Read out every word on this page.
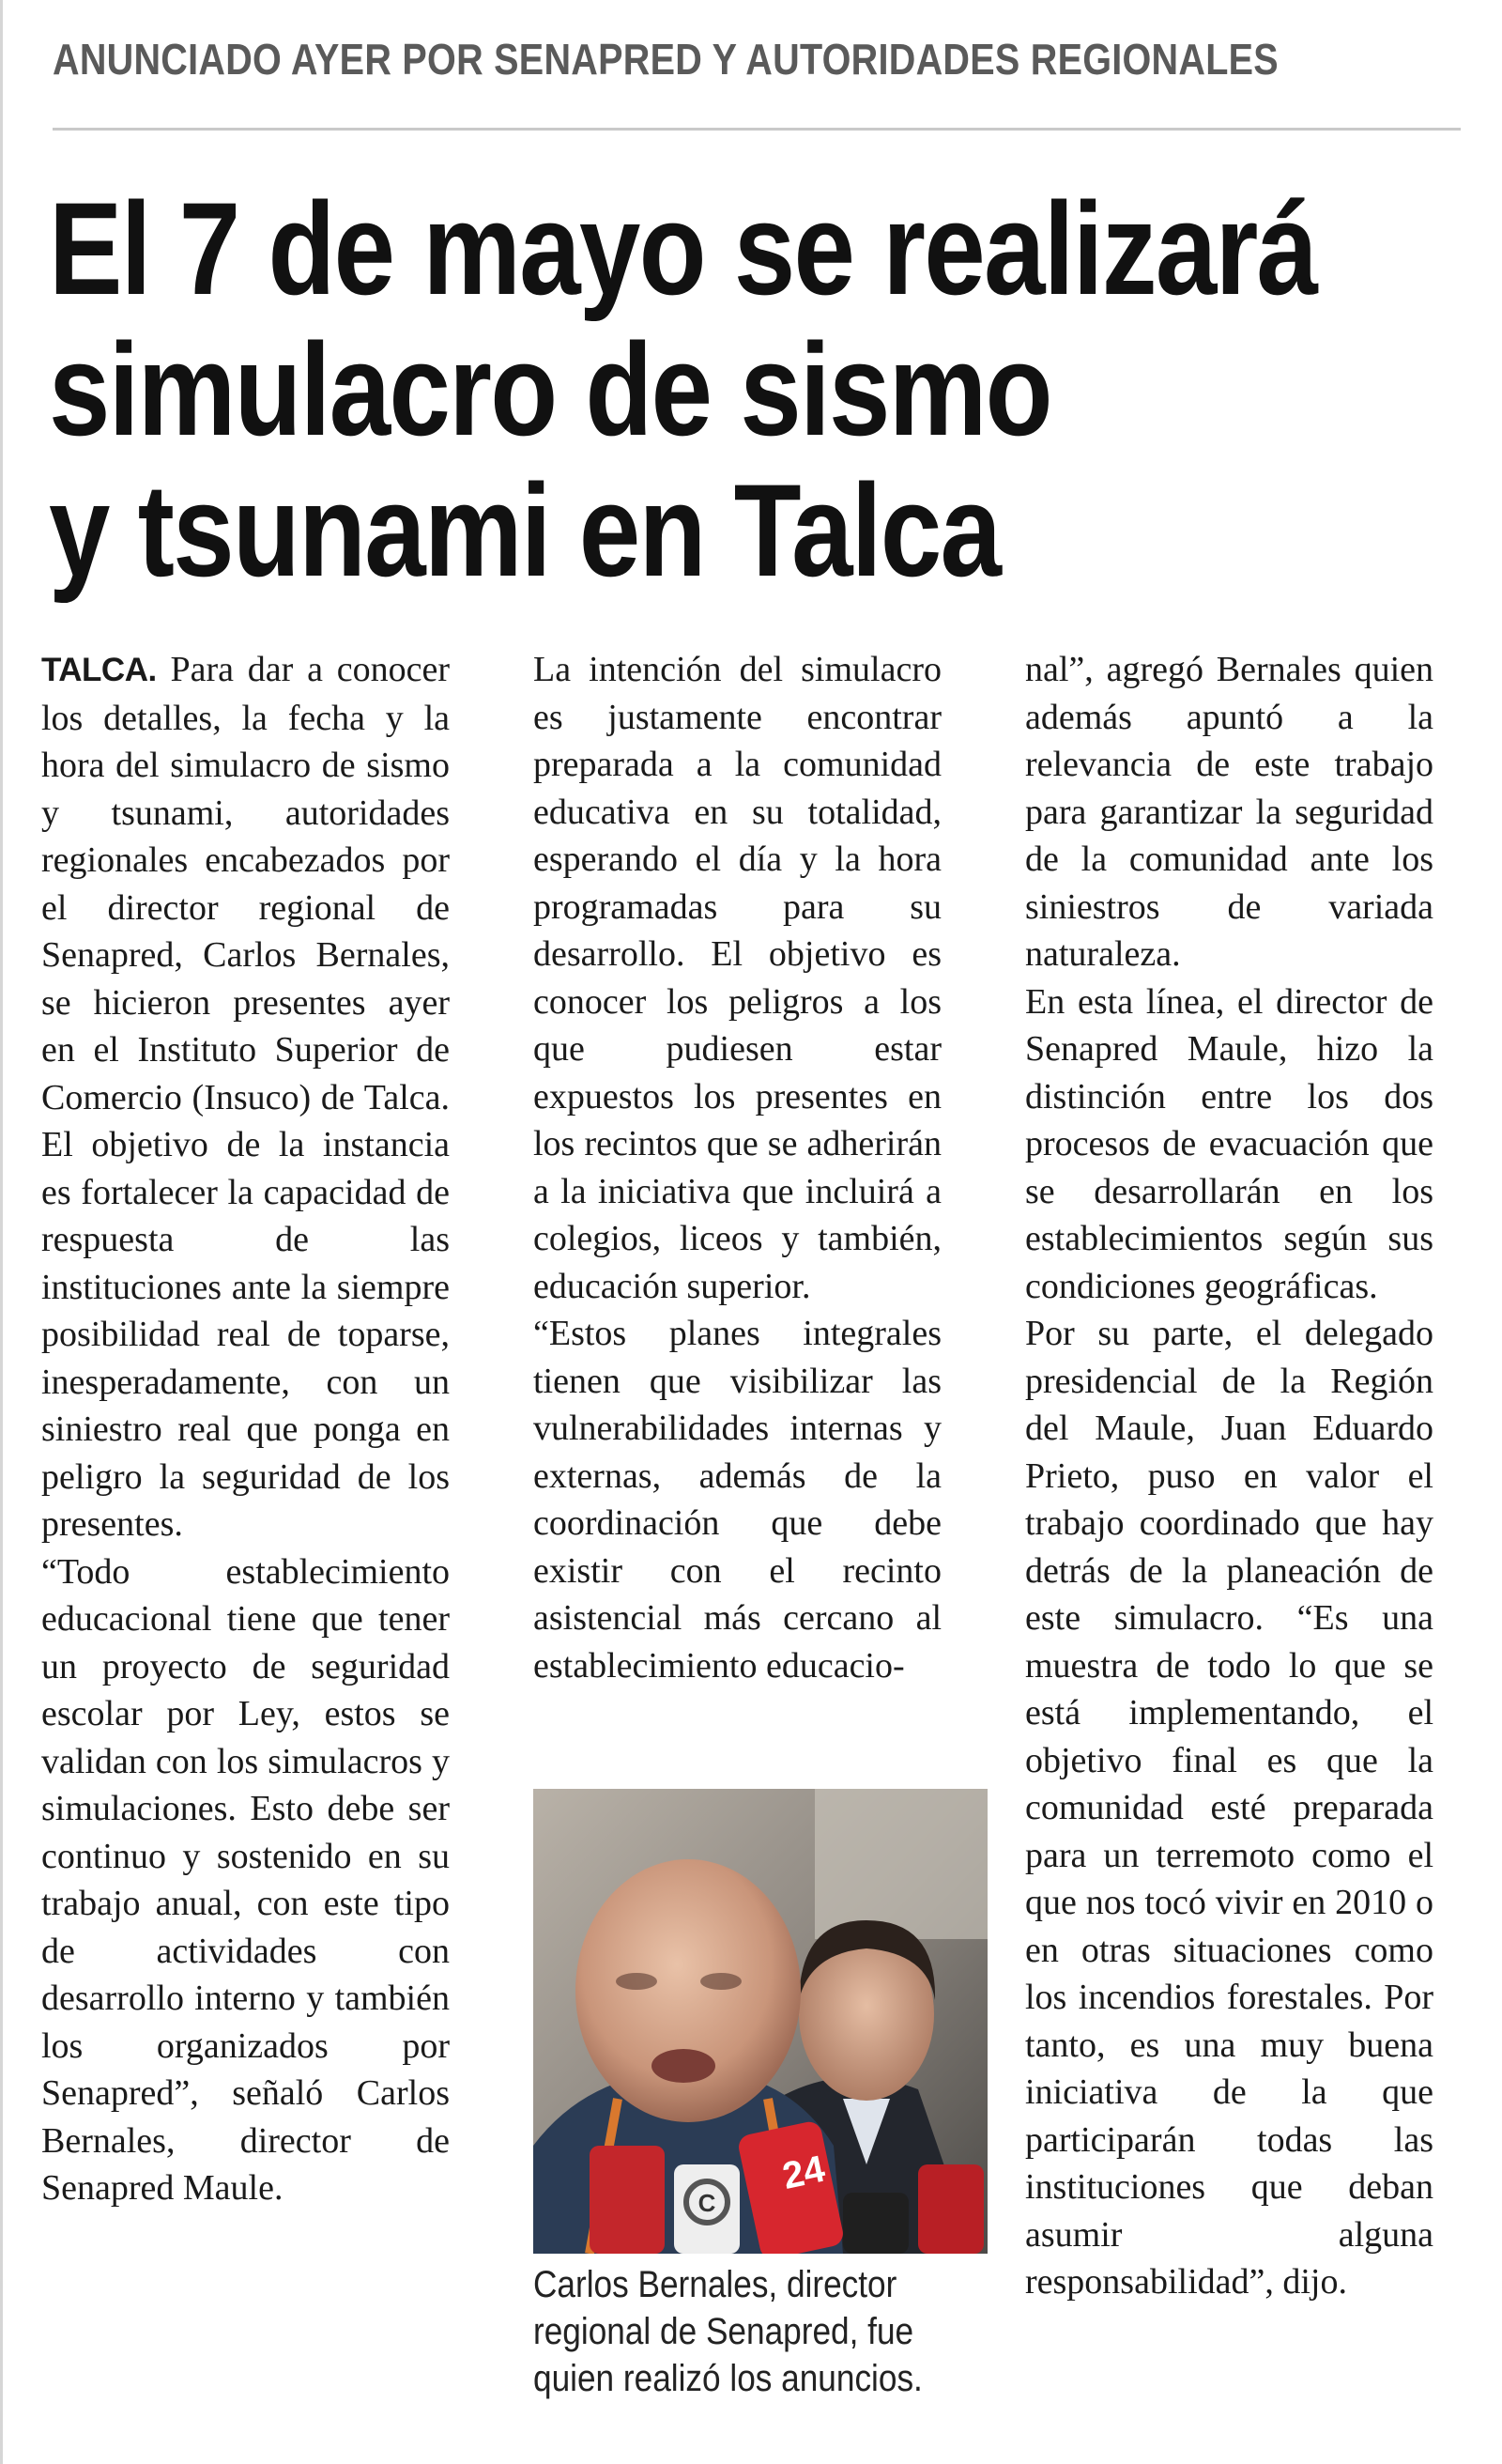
ANUNCIADO AYER POR SENAPRED Y AUTORIDADES REGIONALES
El 7 de mayo se realizará
simulacro de sismo
y tsunami en Talca

TALCA. Para dar a conocer los detalles, la fecha y la hora del simulacro de sismo y tsunami, autoridades regionales encabezados por el director regional de Senapred, Carlos Bernales, se hicieron presentes ayer en el Instituto Superior de Comercio (Insuco) de Talca. El objetivo de la instancia es fortalecer la capacidad de respuesta de las instituciones ante la siempre posibilidad real de toparse, inesperadamente, con un siniestro real que ponga en peligro la seguridad de los presentes.

“Todo establecimiento educacional tiene que tener un proyecto de seguridad escolar por Ley, estos se validan con los simulacros y simulaciones. Esto debe ser continuo y sostenido en su trabajo anual, con este tipo de actividades con desarrollo interno y también los organizados por Senapred”, señaló Carlos Bernales, director de Senapred Maule.

La intención del simulacro es justamente encontrar preparada a la comunidad educativa en su totalidad, esperando el día y la hora programadas para su desarrollo. El objetivo es conocer los peligros a los que pudiesen estar expuestos los presentes en los recintos que se adherirán a la iniciativa que incluirá a colegios, liceos y también, educación superior.

“Estos planes integrales tienen que visibilizar las vulnerabilidades internas y externas, además de la coordinación que debe existir con el recinto asistencial más cercano al establecimiento educacio-

nal”, agregó Bernales quien además apuntó a la relevancia de este trabajo para garantizar la seguridad de la comunidad ante los siniestros de variada naturaleza.

En esta línea, el director de Senapred Maule, hizo la distinción entre los dos procesos de evacuación que se desarrollarán en los establecimientos según sus condiciones geográficas.

Por su parte, el delegado presidencial de la Región del Maule, Juan Eduardo Prieto, puso en valor el trabajo coordinado que hay detrás de la planeación de este simulacro. “Es una muestra de todo lo que se está implementando, el objetivo final es que la comunidad esté preparada para un terremoto como el que nos tocó vivir en 2010 o en otras situaciones como los incendios forestales. Por tanto, es una muy buena iniciativa de la que participarán todas las instituciones que deban asumir alguna responsabilidad”, dijo.

C
24
Carlos Bernales, director regional de Senapred, fue quien realizó los anuncios.
